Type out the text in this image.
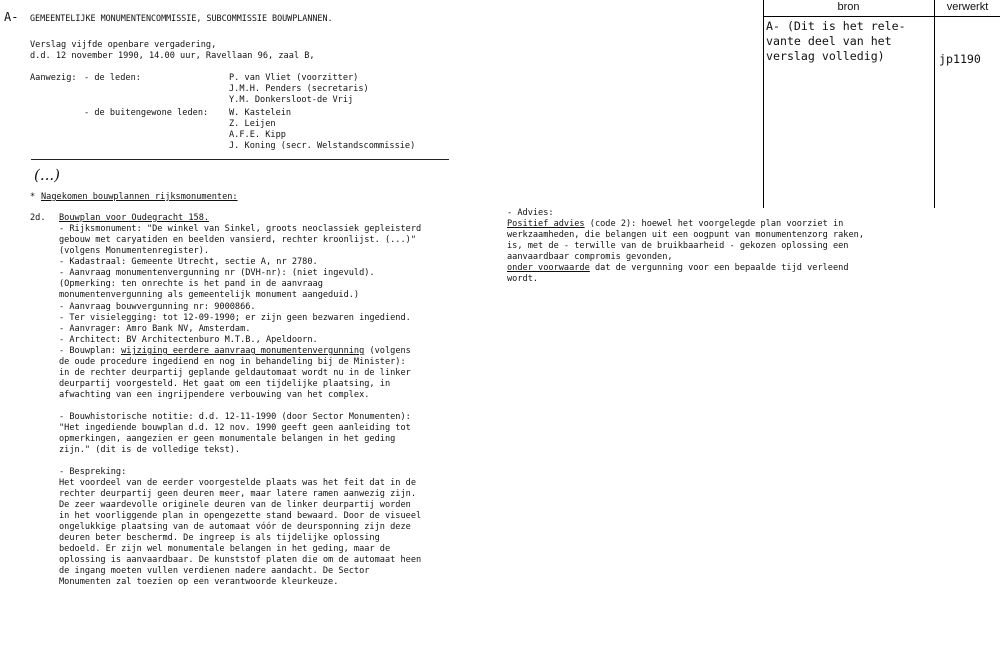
A- GEMEENTELIJKE MONUMENTENCOMMISSIE, SUBCOMMISSIE BOUWPLANNEN.
Verslag vijfde openbare vergadering,
d.d. 12 november 1990, 14.00 uur, Ravellaan 96, zaal B,
Aanwezig: - de leden:	P. van Vliet (voorzitter)
J.M.H. Penders (secretaris)
Y.M. Donkersloot-de Vrij
- de buitengewone leden: W. Kastelein
Z. Leijen
A.F.E. Kipp
J. Koning (secr. Welstandscommissie)
(...)
* Nagekomen bouwplannen rijksmonumenten:
2d. Bouwplan voor Oudegracht 158.
- Rijksmonument: "De winkel van Sinkel, groots neoclassiek gepleisterd
gebouw met caryatiden en beelden vansierd, rechter kroonlijst. (...)"
(volgens Monumentenregister).
- Kadastraal: Gemeente Utrecht, sectie A, nr 2780.
- Aanvraag monumentenvergunning nr (DVH-nr): (niet ingevuld).
(Opmerking: ten onrechte is het pand in de aanvraag
monumentenvergunning als gemeentelijk monument aangeduid.)
- Aanvraag bouwvergunning nr: 9000866.
- Ter visielegging: tot 12-09-1990; er zijn geen bezwaren ingediend.
- Aanvrager: Amro Bank NV, Amsterdam.
- Architect: BV Architectenburo M.T.B., Apeldoorn.
- Bouwplan: wijziging eerdere aanvraag monumentenvergunning (volgens
de oude procedure ingediend en nog in behandeling bij de Minister):
in de rechter deurpartij geplande geldautomaat wordt nu in de linker
deurpartij voorgesteld. Het gaat om een tijdelijke plaatsing, in
afwachting van een ingrijpendere verbouwing van het complex.
- Bouwhistorische notitie: d.d. 12-11-1990 (door Sector Monumenten):
"Het ingediende bouwplan d.d. 12 nov. 1990 geeft geen aanleiding tot
opmerkingen, aangezien er geen monumentale belangen in het geding
zijn." (dit is de volledige tekst).
- Bespreking:
Het voordeel van de eerder voorgestelde plaats was het feit dat in de
rechter deurpartij geen deuren meer, maar latere ramen aanwezig zijn.
De zeer waardevolle originele deuren van de linker deurpartij worden
in het voorliggende plan in opengezette stand bewaard. Door de visueel
ongelukkige plaatsing van de automaat vóór de deursponning zijn deze
deuren beter beschermd. De ingreep is als tijdelijke oplossing
bedoeld. Er zijn wel monumentale belangen in het geding, maar de
oplossing is aanvaardbaar. De kunststof platen die om de automaat heen
de ingang moeten vullen verdienen nadere aandacht. De Sector
Monumenten zal toezien op een verantwoorde kleurkeuze.
- Advies:
Positief advies (code 2): hoewel het voorgelegde plan voorziet in
werkzaamheden, die belangen uit een oogpunt van monumentenzorg raken,
is, met de - terwille van de bruikbaarheid - gekozen oplossing een
aanvaardbaar compromis gevonden,
onder voorwaarde dat de vergunning voor een bepaalde tijd verleend
wordt.
bron	verwerkt
A- (Dit is het rele-
vante deel van het
verslag volledig)	jp1190
